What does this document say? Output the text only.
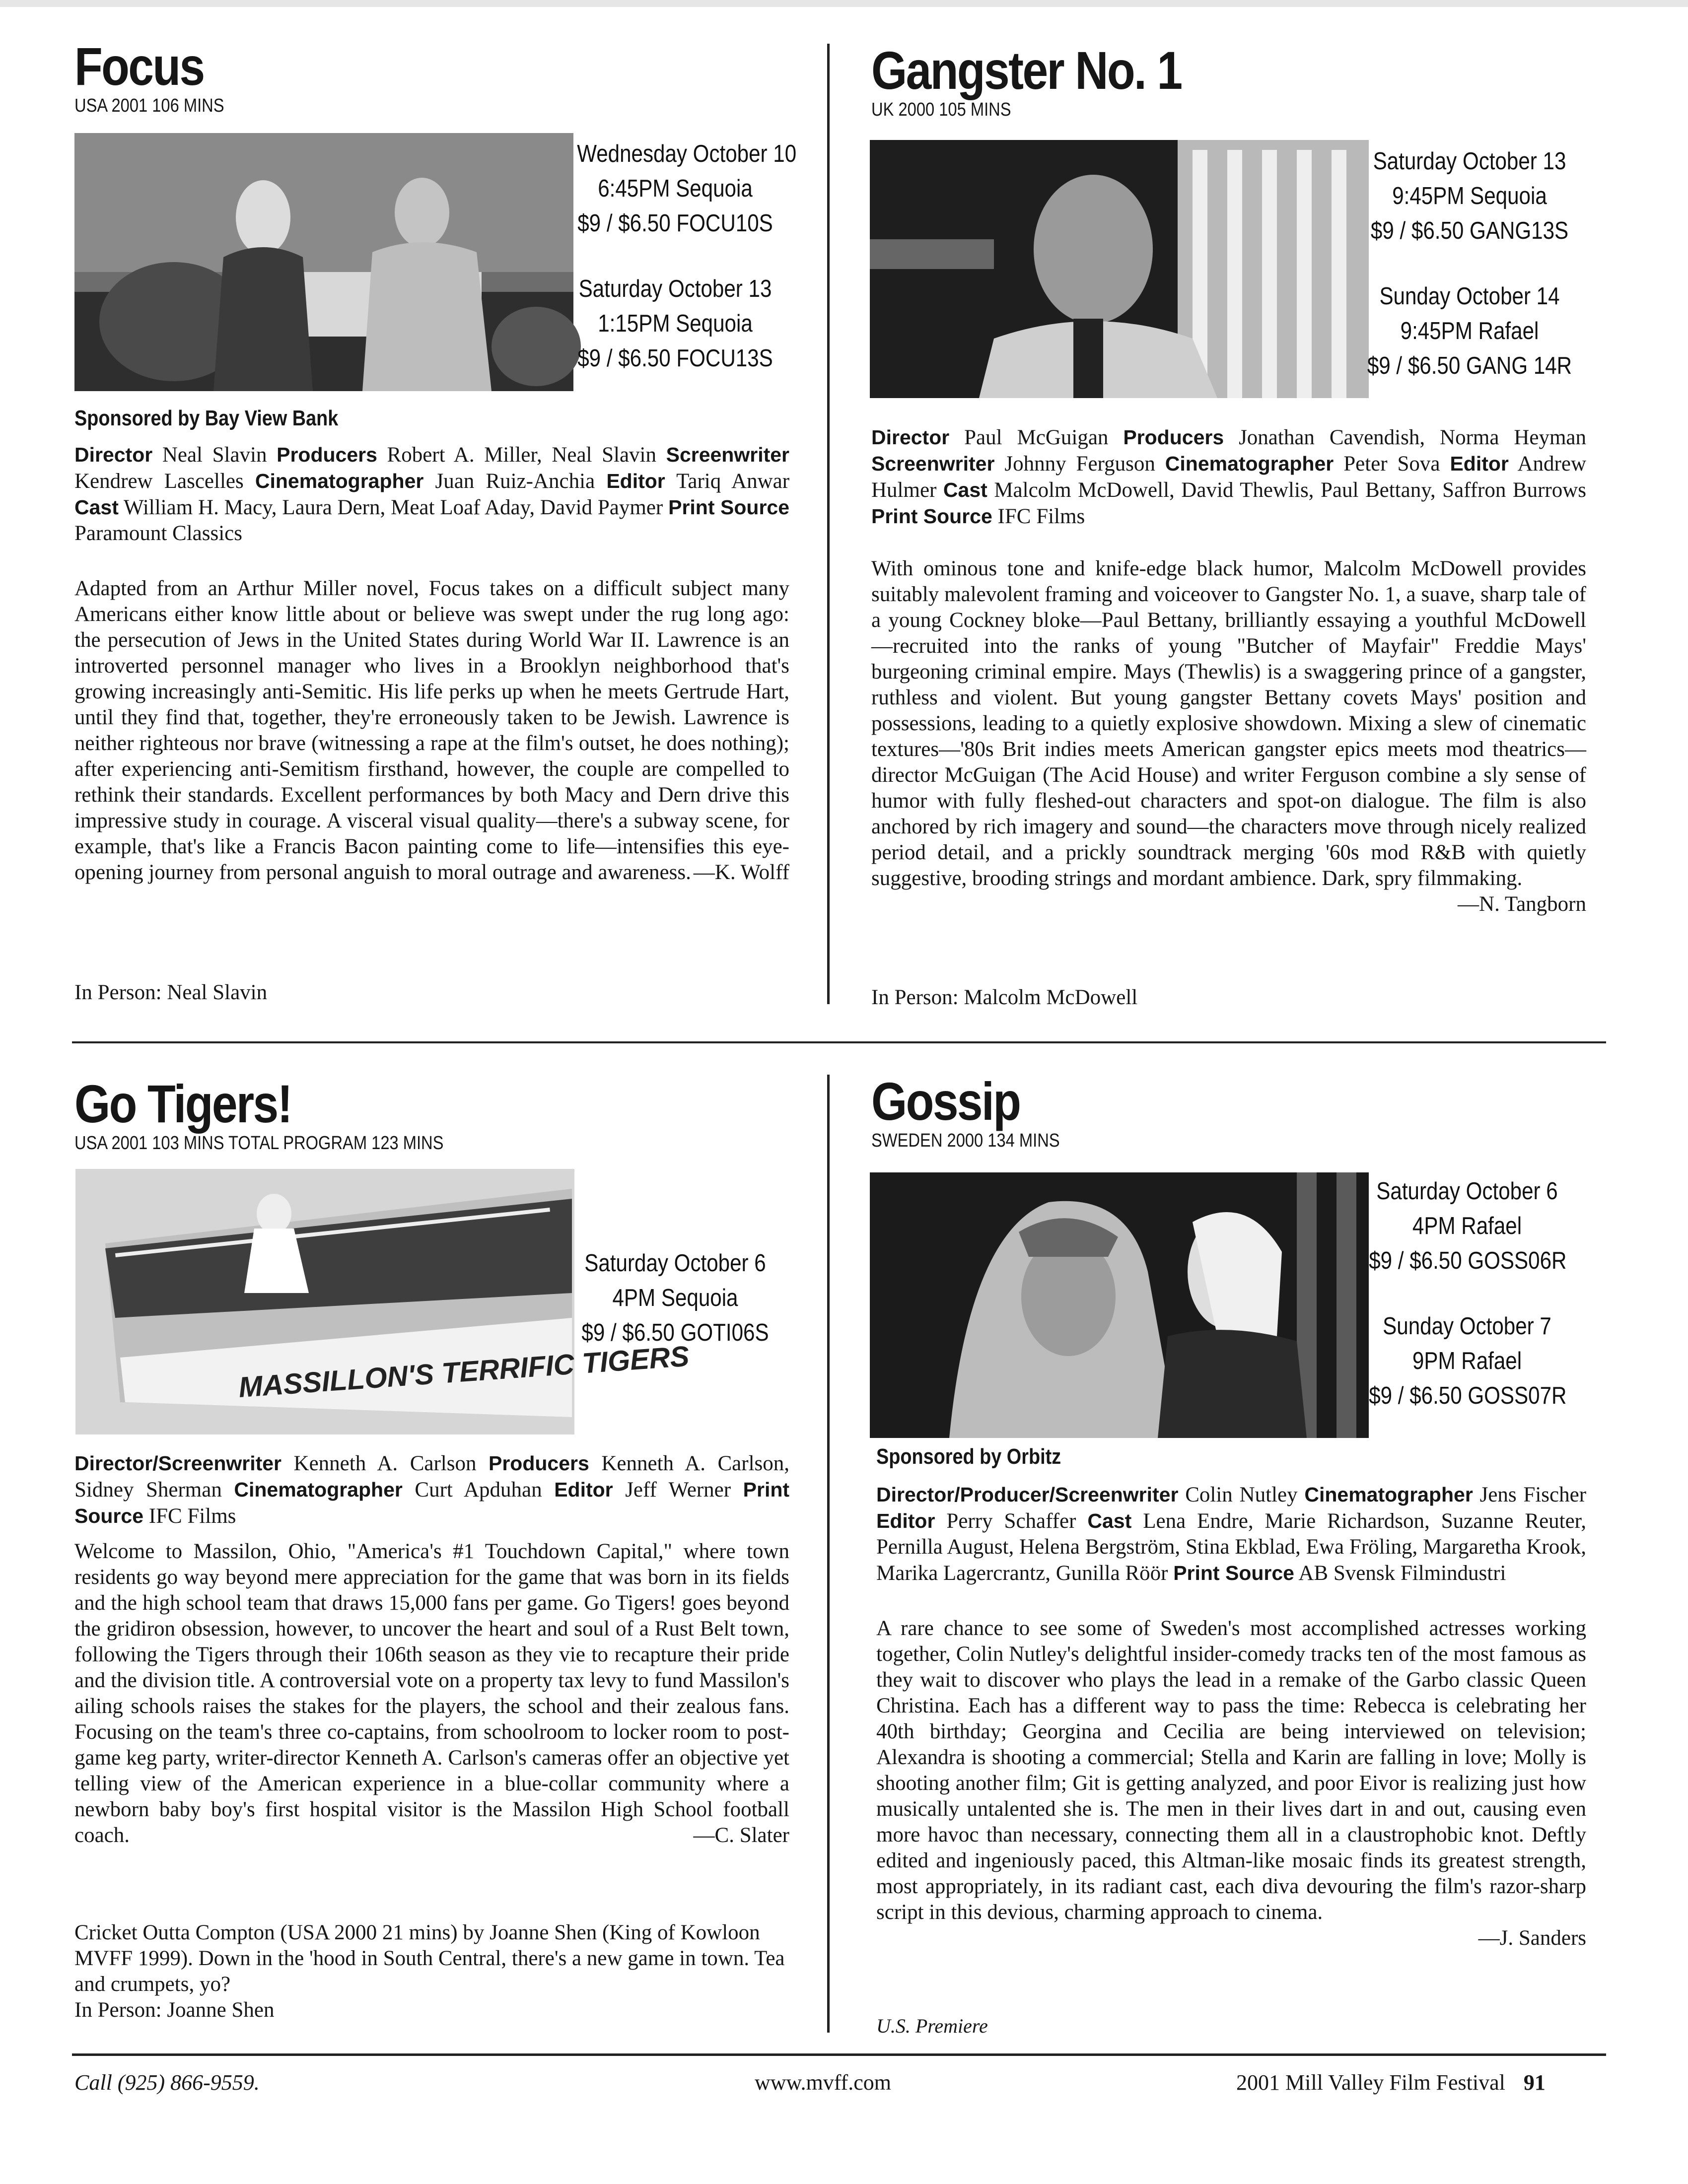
Focus
USA 2001 106 MINS
Wednesday October 10
6:45PM Sequoia
$9 / $6.50 FOCU10S
Saturday October 13
1:15PM Sequoia
$9 / $6.50 FOCU13S
Sponsored by Bay View Bank
Director Neal Slavin Producers Robert A. Miller, Neal Slavin Screenwriter Kendrew Lascelles Cinematographer Juan Ruiz-Anchia Editor Tariq Anwar Cast William H. Macy, Laura Dern, Meat Loaf Aday, David Paymer Print Source Paramount Classics
Adapted from an Arthur Miller novel, Focus takes on a difficult subject many Americans either know little about or believe was swept under the rug long ago: the persecution of Jews in the United States during World War II. Lawrence is an introverted personnel manager who lives in a Brooklyn neighborhood that's growing increasingly anti-Semitic. His life perks up when he meets Gertrude Hart, until they find that, together, they're erroneously taken to be Jewish. Lawrence is neither righteous nor brave (witnessing a rape at the film's outset, he does nothing); after experiencing anti-Semitism firsthand, however, the couple are compelled to rethink their standards. Excellent performances by both Macy and Dern drive this impressive study in courage. A visceral visual quality—there's a subway scene, for example, that's like a Francis Bacon painting come to life—intensifies this eye-opening journey from personal anguish to moral outrage and awareness. —K. Wolff
In Person: Neal Slavin
Gangster No. 1
UK 2000 105 MINS
Saturday October 13
9:45PM Sequoia
$9 / $6.50 GANG13S
Sunday October 14
9:45PM Rafael
$9 / $6.50 GANG 14R
Director Paul McGuigan Producers Jonathan Cavendish, Norma Heyman Screenwriter Johnny Ferguson Cinematographer Peter Sova Editor Andrew Hulmer Cast Malcolm McDowell, David Thewlis, Paul Bettany, Saffron Burrows Print Source IFC Films
With ominous tone and knife-edge black humor, Malcolm McDowell provides suitably malevolent framing and voiceover to Gangster No. 1, a suave, sharp tale of a young Cockney bloke—Paul Bettany, brilliantly essaying a youthful McDowell—recruited into the ranks of young "Butcher of Mayfair" Freddie Mays' burgeoning criminal empire. Mays (Thewlis) is a swaggering prince of a gangster, ruthless and violent. But young gangster Bettany covets Mays' position and possessions, leading to a quietly explosive showdown. Mixing a slew of cinematic textures—'80s Brit indies meets American gangster epics meets mod theatrics—director McGuigan (The Acid House) and writer Ferguson combine a sly sense of humor with fully fleshed-out characters and spot-on dialogue. The film is also anchored by rich imagery and sound—the characters move through nicely realized period detail, and a prickly soundtrack merging '60s mod R&B with quietly suggestive, brooding strings and mordant ambience. Dark, spry filmmaking.
—N. Tangborn
In Person: Malcolm McDowell
Go Tigers!
USA 2001 103 MINS TOTAL PROGRAM 123 MINS
MASSILLON'S TERRIFIC TIGERS
Saturday October 6
4PM Sequoia
$9 / $6.50 GOTI06S
Director/Screenwriter Kenneth A. Carlson Producers Kenneth A. Carlson, Sidney Sherman Cinematographer Curt Apduhan Editor Jeff Werner Print Source IFC Films
Welcome to Massilon, Ohio, "America's #1 Touchdown Capital," where town residents go way beyond mere appreciation for the game that was born in its fields and the high school team that draws 15,000 fans per game. Go Tigers! goes beyond the gridiron obsession, however, to uncover the heart and soul of a Rust Belt town, following the Tigers through their 106th season as they vie to recapture their pride and the division title. A controversial vote on a property tax levy to fund Massilon's ailing schools raises the stakes for the players, the school and their zealous fans. Focusing on the team's three co-captains, from schoolroom to locker room to post-game keg party, writer-director Kenneth A. Carlson's cameras offer an objective yet telling view of the American experience in a blue-collar community where a newborn baby boy's first hospital visitor is the Massilon High School football coach.	—C. Slater
Cricket Outta Compton (USA 2000 21 mins) by Joanne Shen (King of Kowloon MVFF 1999). Down in the 'hood in South Central, there's a new game in town. Tea and crumpets, yo?
In Person: Joanne Shen
Gossip
SWEDEN 2000 134 MINS
Saturday October 6
4PM Rafael
$9 / $6.50 GOSS06R
Sunday October 7
9PM Rafael
$9 / $6.50 GOSS07R
Sponsored by Orbitz
Director/Producer/Screenwriter Colin Nutley Cinematographer Jens Fischer Editor Perry Schaffer Cast Lena Endre, Marie Richardson, Suzanne Reuter, Pernilla August, Helena Bergström, Stina Ekblad, Ewa Fröling, Margaretha Krook, Marika Lagercrantz, Gunilla Röör Print Source AB Svensk Filmindustri
A rare chance to see some of Sweden's most accomplished actresses working together, Colin Nutley's delightful insider-comedy tracks ten of the most famous as they wait to discover who plays the lead in a remake of the Garbo classic Queen Christina. Each has a different way to pass the time: Rebecca is celebrating her 40th birthday; Georgina and Cecilia are being interviewed on television; Alexandra is shooting a commercial; Stella and Karin are falling in love; Molly is shooting another film; Git is getting analyzed, and poor Eivor is realizing just how musically untalented she is. The men in their lives dart in and out, causing even more havoc than necessary, connecting them all in a claustrophobic knot. Deftly edited and ingeniously paced, this Altman-like mosaic finds its greatest strength, most appropriately, in its radiant cast, each diva devouring the film's razor-sharp script in this devious, charming approach to cinema.
—J. Sanders
U.S. Premiere
Call (925) 866-9559.	www.mvff.com	2001 Mill Valley Film Festival 91
